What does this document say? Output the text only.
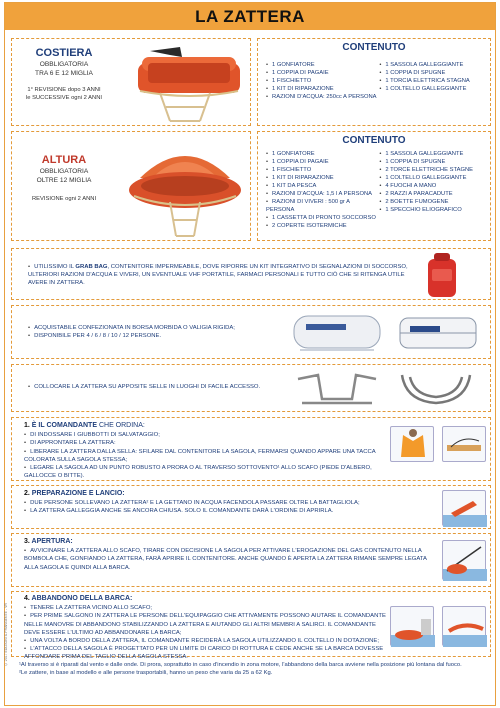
LA ZATTERA
COSTIERA
OBBLIGATORIA
TRA 6 E 12 MIGLIA
1° REVISIONE dopo 3 ANNI
le SUCCESSIVE ogni 2 ANNI
CONTENUTO
• 1 GONFIATORE
• 1 COPPIA DI PAGAIE
• 1 FISCHIETTO
• 1 KIT DI RIPARAZIONE
• RAZIONI D'ACQUA: 250cc A PERSONA
• 1 SASSOLA GALLEGGIANTE
• 1 COPPIA DI SPUGNE
• 1 TORCIA ELETTRICA STAGNA
• 1 COLTELLO GALLEGGIANTE
ALTURA
OBBLIGATORIA
OLTRE 12 MIGLIA
REVISIONE ogni 2 ANNI
CONTENUTO
• 1 GONFIATORE
• 1 COPPIA DI PAGAIE
• 1 FISCHIETTO
• 1 KIT DI RIPARAZIONE
• 1 KIT DA PESCA
• RAZIONI D'ACQUA: 1,5 l A PERSONA
• RAZIONI DI VIVERI : 500 gr A PERSONA
• 1 CASSETTA DI PRONTO SOCCORSO
• 2 COPERTE ISOTERMICHE
• 1 SASSOLA GALLEGGIANTE
• 1 COPPIA DI SPUGNE
• 2 TORCE ELETTRICHE STAGNE
• 1 COLTELLO GALLEGGIANTE
• 4 FUOCHI A MANO
• 2 RAZZI A PARACADUTE
• 2 BOETTE FUMOGENE
• 1 SPECCHIO ELIOGRAFICO
• UTILISSIMO IL GRAB BAG, CONTENITORE IMPERMEABILE, DOVE RIPORRE UN KIT INTEGRATIVO DI SEGNALAZIONI DI SOCCORSO, ULTERIORI RAZIONI D'ACQUA E VIVERI, UN EVENTUALE VHF PORTATILE, FARMACI PERSONALI E TUTTO CIÒ CHE SI RITENGA UTILE AVERE IN ZATTERA.
• ACQUISTABILE CONFEZIONATA IN BORSA MORBIDA O VALIGIA RIGIDA;
• DISPONIBILE PER 4 / 6 / 8 / 10 / 12 PERSONE.
• COLLOCARE LA ZATTERA SU APPOSITE SELLE IN LUOGHI DI FACILE ACCESSO.
1. È IL COMANDANTE CHE ORDINA:
• DI INDOSSARE I GIUBBOTTI DI SALVATAGGIO;
• DI APPRONTARE LA ZATTERA:
• LIBERARE LA ZATTERA DALLA SELLA: SFILARE DAL CONTENITORE LA SAGOLA, FERMARSI QUANDO APPARE UNA TACCA COLORATA SULLA SAGOLA STESSA;
• LEGARE LA SAGOLA AD UN PUNTO ROBUSTO A PRORA O AL TRAVERSO SOTTOVENTO¹ ALLO SCAFO (PIEDE D'ALBERO, GALLOCCE O BITTE).
2. PREPARAZIONE E LANCIO:
• DUE PERSONE SOLLEVANO LA ZATTERA² E LA GETTANO IN ACQUA FACENDOLA PASSARE OLTRE LA BATTAGLIOLA;
• LA ZATTERA GALLEGGIA ANCHE SE ANCORA CHIUSA. SOLO IL COMANDANTE DARÀ L'ORDINE DI APRIRLA.
3. APERTURA:
• AVVICINARE LA ZATTERA ALLO SCAFO, TIRARE CON DECISIONE LA SAGOLA PER ATTIVARE L'EROGAZIONE DEL GAS CONTENUTO NELLA BOMBOLA CHE, GONFIANDO LA ZATTERA, FARÀ APRIRE IL CONTENITORE. ANCHE QUANDO È APERTA LA ZATTERA RIMANE SEMPRE LEGATA ALLA SAGOLA E QUINDI ALLA BARCA.
4. ABBANDONO DELLA BARCA:
• TENERE LA ZATTERA VICINO ALLO SCAFO;
• PER PRIME SALGONO IN ZATTERA LE PERSONE DELL'EQUIPAGGIO CHE ATTIVAMENTE POSSONO AIUTARE IL COMANDANTE NELLE MANOVRE DI ABBANDONO STABILIZZANDO LA ZATTERA E AIUTANDO GLI ALTRI MEMBRI A SALIRCI. IL COMANDANTE DEVE ESSERE L'ULTIMO AD ABBANDONARE LA BARCA;
• UNA VOLTA A BORDO DELLA ZATTERA, IL COMANDANTE RECIDERÀ LA SAGOLA UTILIZZANDO IL COLTELLO IN DOTAZIONE;
• L'ATTACCO DELLA SAGOLA È PROGETTATO PER UN LIMITE DI CARICO DI ROTTURA E CEDE ANCHE SE LA BARCA DOVESSE AFFONDARE PRIMA DEL TAGLIO DELLA SAGOLA STESSA.
¹Al traverso si è riparati dal vento e dalle onde. Di prora, soprattutto in caso d'incendio in zona motore, l'abbandono della barca avviene nella posizione più lontana dal fuoco.
²Le zattere, in base al modello e alle persone trasportabili, hanno un peso che varia da 25 a 62 Kg.
© 2017 EDIZIONI IL FRANGENTE - VR
